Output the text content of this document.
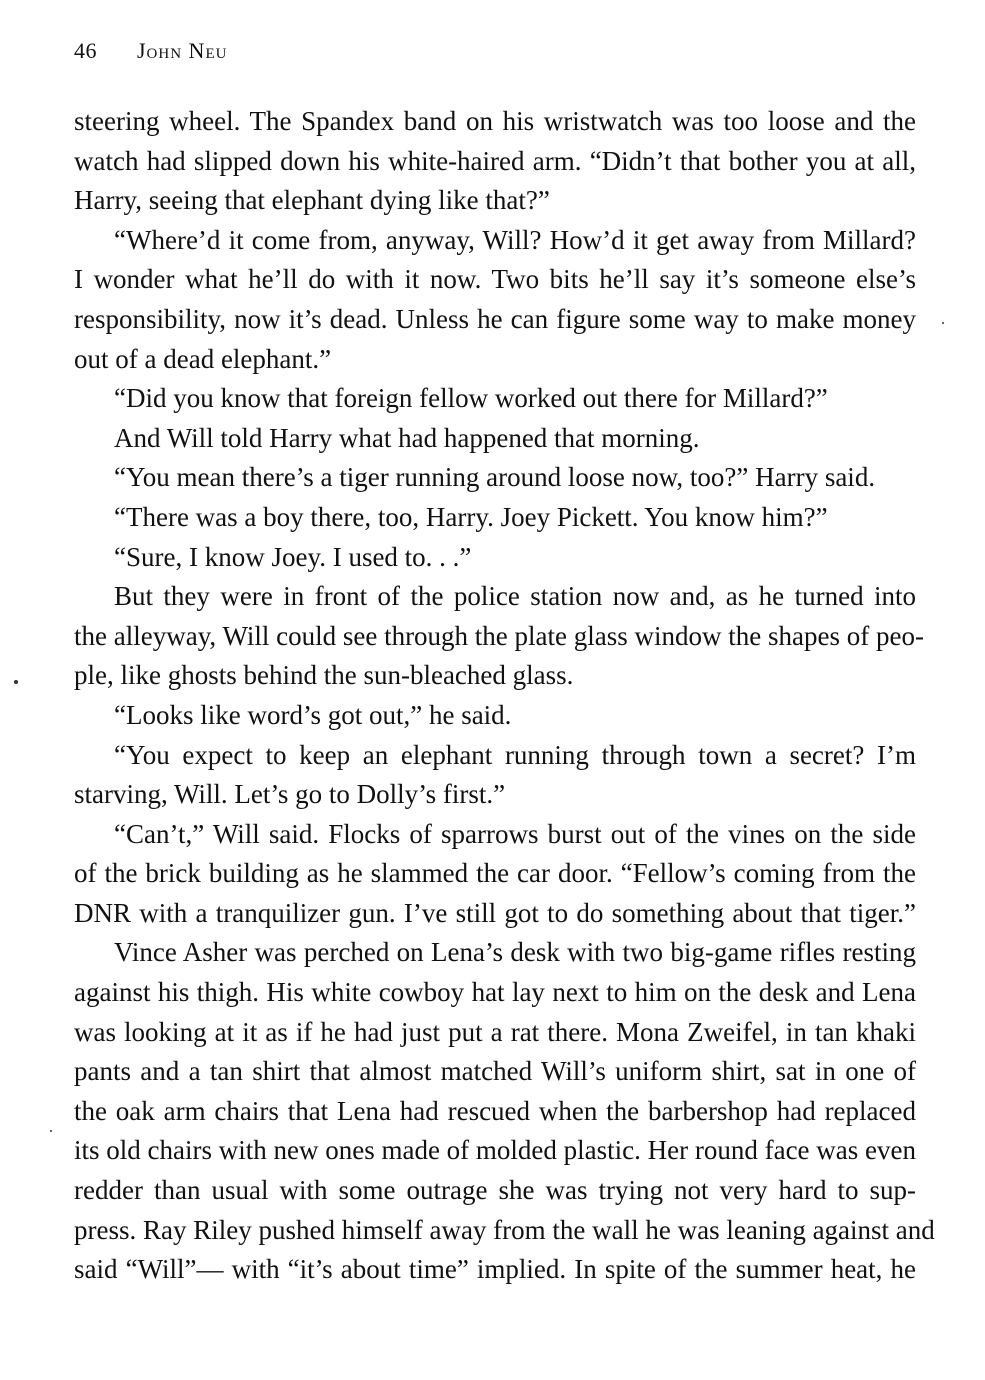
46 John Neu
steering wheel. The Spandex band on his wristwatch was too loose and the
watch had slipped down his white-haired arm. “Didn’t that bother you at all,
Harry, seeing that elephant dying like that?”
“Where’d it come from, anyway, Will? How’d it get away from Millard?
I wonder what he’ll do with it now. Two bits he’ll say it’s someone else’s
responsibility, now it’s dead. Unless he can figure some way to make money
out of a dead elephant.”
“Did you know that foreign fellow worked out there for Millard?”
And Will told Harry what had happened that morning.
“You mean there’s a tiger running around loose now, too?” Harry said.
“There was a boy there, too, Harry. Joey Pickett. You know him?”
“Sure, I know Joey. I used to. . .”
But they were in front of the police station now and, as he turned into
the alleyway, Will could see through the plate glass window the shapes of peo-
ple, like ghosts behind the sun-bleached glass.
“Looks like word’s got out,” he said.
“You expect to keep an elephant running through town a secret? I’m
starving, Will. Let’s go to Dolly’s first.”
“Can’t,” Will said. Flocks of sparrows burst out of the vines on the side
of the brick building as he slammed the car door. “Fellow’s coming from the
DNR with a tranquilizer gun. I’ve still got to do something about that tiger.”
Vince Asher was perched on Lena’s desk with two big-game rifles resting
against his thigh. His white cowboy hat lay next to him on the desk and Lena
was looking at it as if he had just put a rat there. Mona Zweifel, in tan khaki
pants and a tan shirt that almost matched Will’s uniform shirt, sat in one of
the oak arm chairs that Lena had rescued when the barbershop had replaced
its old chairs with new ones made of molded plastic. Her round face was even
redder than usual with some outrage she was trying not very hard to sup-
press. Ray Riley pushed himself away from the wall he was leaning against and
said “Will”— with “it’s about time” implied. In spite of the summer heat, he
